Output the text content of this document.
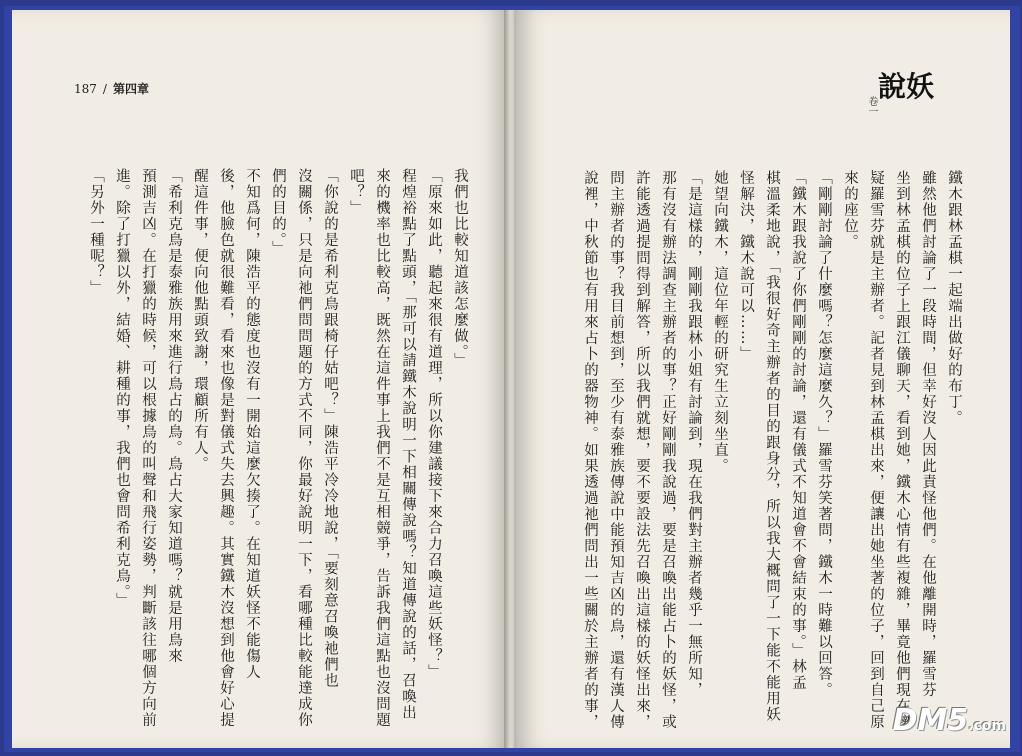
187 / 第四章
我們也比較知道該怎麼做。」
「原來如此，聽起來很有道理，所以你建議接下來合力召喚這些妖怪？」
程煌裕點了點頭，「那可以請鐵木說明一下相關傳說嗎？知道傳說的話，召喚出
來的機率也比較高，既然在這件事上我們不是互相競爭，告訴我們這點也沒問題
吧？」
「你說的是希利克鳥跟椅仔姑吧？」陳浩平冷冷地說，「要刻意召喚祂們也
沒關係，只是向祂們問問題的方式不同，你最好說明一下，看哪種比較能達成你
們的目的。」
不知爲何，陳浩平的態度也沒有一開始這麼欠揍了。在知道妖怪不能傷人
後，他臉色就很難看，看來也像是對儀式失去興趣。其實鐵木沒想到他會好心提
醒這件事，便向他點頭致謝，環顧所有人。
「希利克鳥是泰雅族用來進行鳥占的鳥。鳥占大家知道嗎？就是用鳥來
預測吉凶。在打獵的時候，可以根據鳥的叫聲和飛行姿勢，判斷該往哪個方向前
進。除了打獵以外，結婚、耕種的事，我們也會問希利克鳥。」
「另外一種呢？」
說妖
卷一
鐵木跟林孟棋一起端出做好的布丁。
雖然他們討論了一段時間，但幸好沒人因此責怪他們。在他離開時，羅雪芬
坐到林孟棋的位子上跟江儀聊天，看到她，鐵木心情有些複雜，畢竟他們現在懷
疑羅雪芬就是主辦者。記者見到林孟棋出來，便讓出她坐著的位子，回到自己原
來的座位。
「剛剛討論了什麼嗎？怎麼這麼久？」羅雪芬笑著問，鐵木一時難以回答。
「鐵木跟我說了你們剛剛的討論，還有儀式不知道會不會結束的事。」林孟
棋溫柔地說，「我很好奇主辦者的目的跟身分，所以我大概問了一下能不能用妖
怪解決，鐵木說可以……」
她望向鐵木，這位年輕的研究生立刻坐直。
「是這樣的，剛剛我跟林小姐有討論到，現在我們對主辦者幾乎一無所知，
那有沒有辦法調查主辦者的事？正好剛剛我說過，要是召喚出能占卜的妖怪，或
許能透過提問得到解答，所以我們就想，要不要設法先召喚出這樣的妖怪出來，
問主辦者的事？我目前想到，至少有泰雅族傳說中能預知吉凶的鳥，還有漢人傳
說裡，中秋節也有用來占卜的器物神。如果透過祂們問出一些關於主辦者的事，	DM5.com
